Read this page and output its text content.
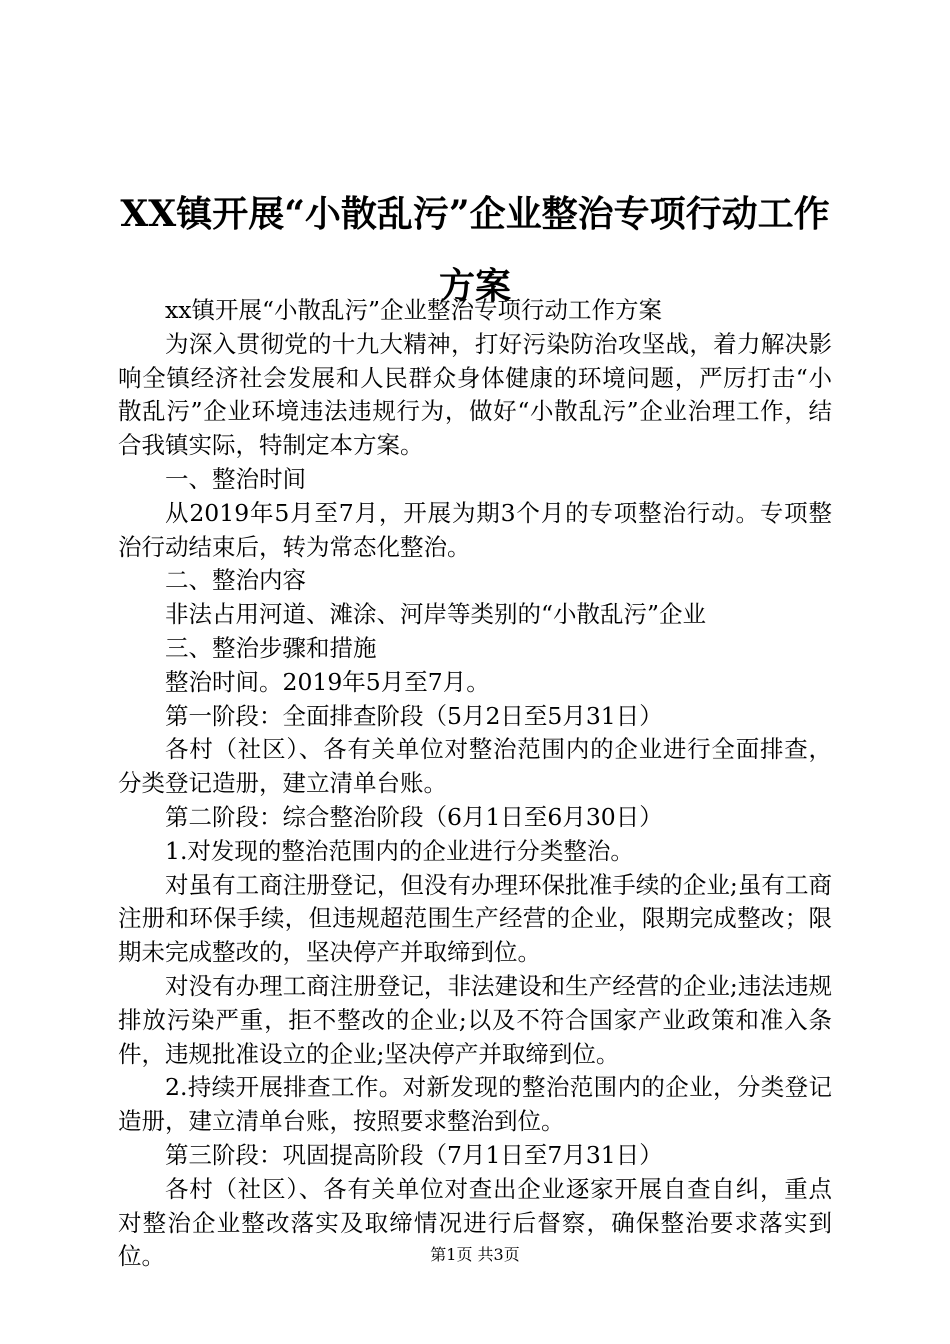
XX镇开展“小散乱污”企业整治专项行动工作方案

xx镇开展“小散乱污”企业整治专项行动工作方案

为深入贯彻党的十九大精神，打好污染防治攻坚战，着力解决影响全镇经济社会发展和人民群众身体健康的环境问题，严厉打击“小散乱污”企业环境违法违规行为，做好“小散乱污”企业治理工作，结合我镇实际，特制定本方案。

一、整治时间

从2019年5月至7月，开展为期3个月的专项整治行动。专项整治行动结束后，转为常态化整治。

二、整治内容

非法占用河道、滩涂、河岸等类别的“小散乱污”企业

三、整治步骤和措施

整治时间。2019年5月至7月。

第一阶段：全面排查阶段（5月2日至5月31日）

各村（社区）、各有关单位对整治范围内的企业进行全面排查，分类登记造册，建立清单台账。

第二阶段：综合整治阶段（6月1日至6月30日）

1.对发现的整治范围内的企业进行分类整治。

对虽有工商注册登记，但没有办理环保批准手续的企业;虽有工商注册和环保手续，但违规超范围生产经营的企业，限期完成整改；限期未完成整改的，坚决停产并取缔到位。

对没有办理工商注册登记，非法建设和生产经营的企业;违法违规排放污染严重，拒不整改的企业;以及不符合国家产业政策和准入条件，违规批准设立的企业;坚决停产并取缔到位。

2.持续开展排查工作。对新发现的整治范围内的企业，分类登记造册，建立清单台账，按照要求整治到位。

第三阶段：巩固提高阶段（7月1日至7月31日）

各村（社区）、各有关单位对查出企业逐家开展自查自纠，重点对整治企业整改落实及取缔情况进行后督察，确保整治要求落实到位。	第1页 共3页
